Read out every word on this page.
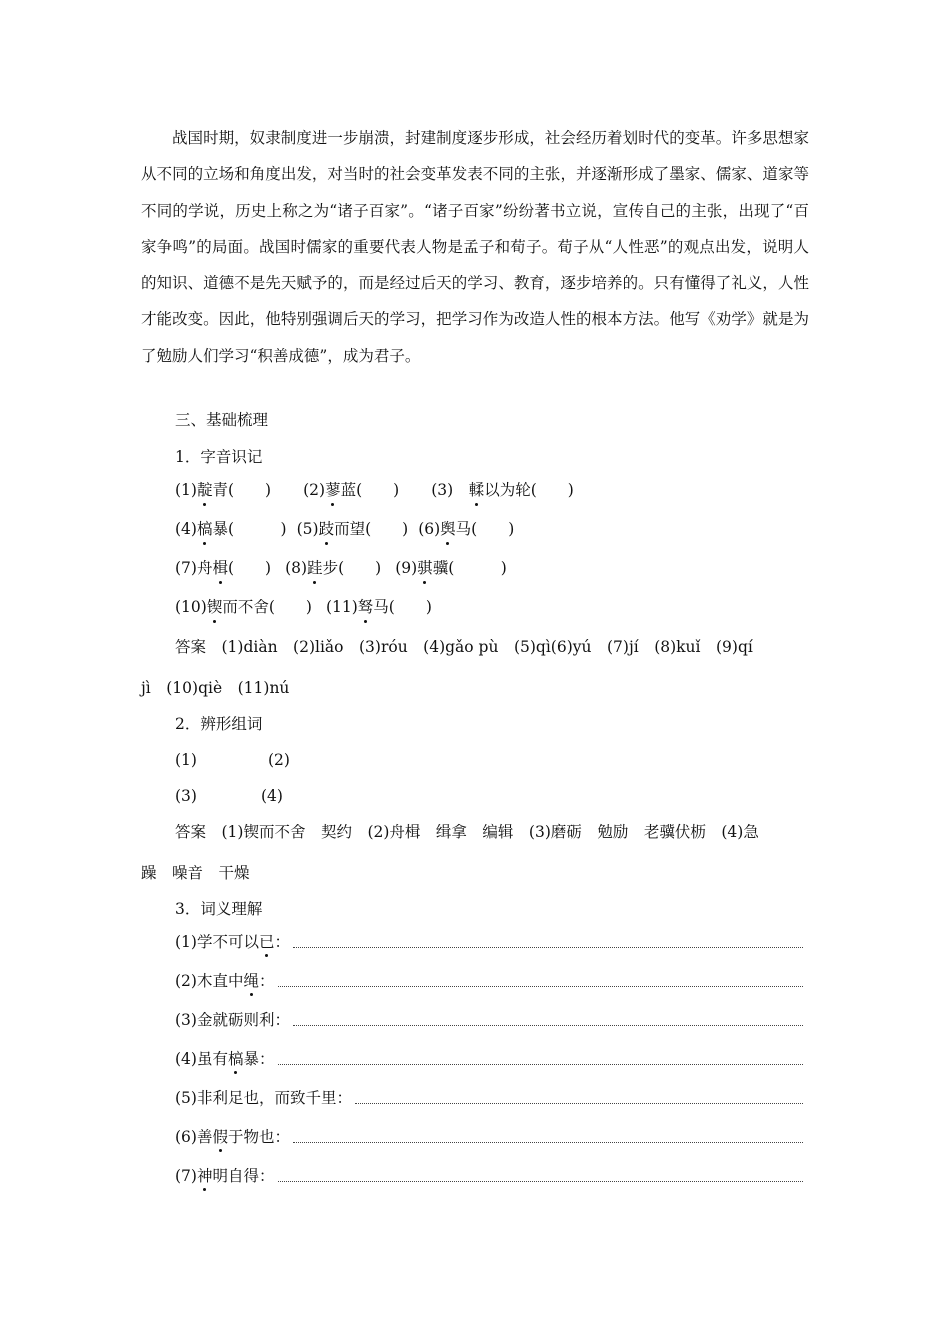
战国时期，奴隶制度进一步崩溃，封建制度逐步形成，社会经历着划时代的变革。许多思想家从不同的立场和角度出发，对当时的社会变革发表不同的主张，并逐渐形成了墨家、儒家、道家等不同的学说，历史上称之为“诸子百家”。“诸子百家”纷纷著书立说，宣传自己的主张，出现了“百家争鸣”的局面。战国时儒家的重要代表人物是孟子和荀子。荀子从“人性恶”的观点出发，说明人的知识、道德不是先天赋予的，而是经过后天的学习、教育，逐步培养的。只有懂得了礼义，人性才能改变。因此，他特别强调后天的学习，把学习作为改造人性的根本方法。他写《劝学》就是为了勉励人们学习“积善成德”，成为君子。

三、基础梳理
1．字音识记
(1)靛青(　　) (2)蓼蓝(　　) (3)　 輮以为轮(　　)
(4)槁暴(　　　) (5)跂而望(　　) (6)舆马(　　)
(7)舟楫(　　) (8)跬步(　　) (9)骐骥(　　　)
(10)锲而不舍(　　) (11)驽马(　　)
答案　(1)diàn　(2)liǎo　(3)róu　(4)gǎo pù　(5)qì(6)yú　(7)jí　(8)kuǐ　(9)qí
jì　(10)qiè　(11)nú
2．辨形组词
(1)	(2)
(3)	(4)
答案　(1)锲而不舍　契约　(2)舟楫　缉拿　编辑　(3)磨砺　勉励　老骥伏枥　(4)急
躁　噪音　干燥
3．词义理解
(1)学不可以已：
(2)木直中绳：
(3)金就砺则利：
(4)虽有槁暴：
(5)非利足也，而致千里：
(6)善假于物也：
(7)神明自得：
